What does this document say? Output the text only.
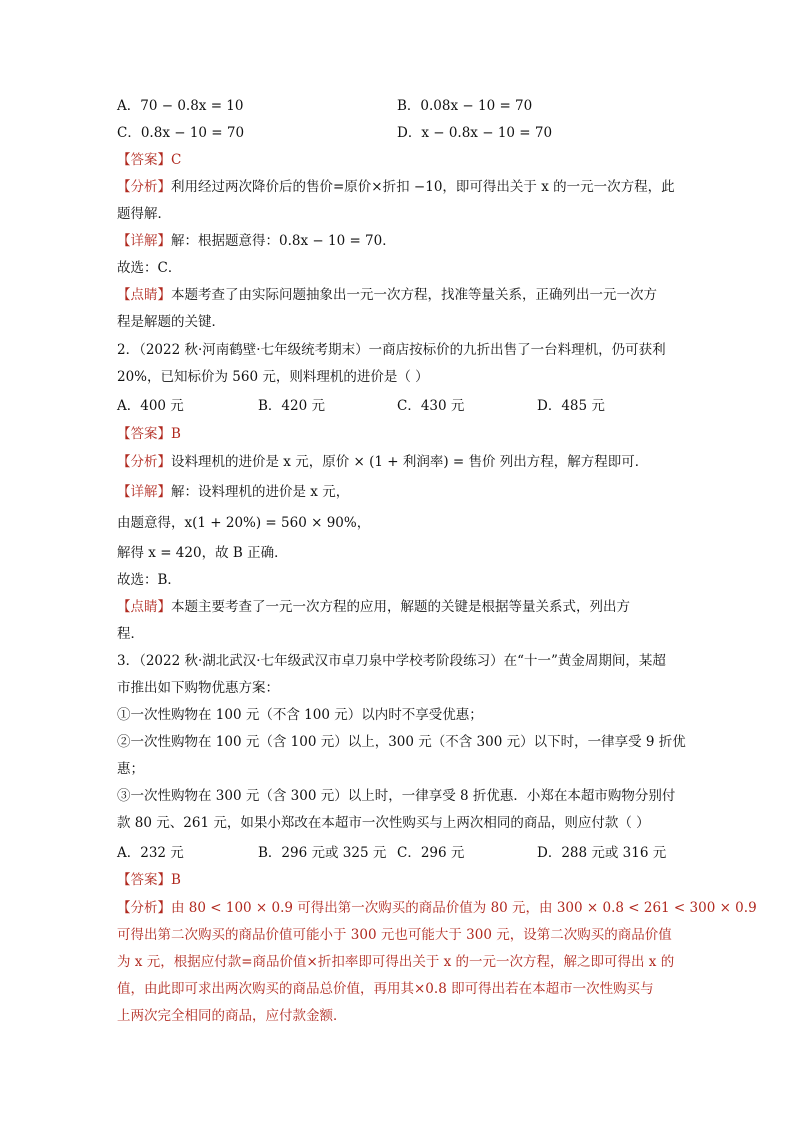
A．70 − 0.8x = 10	B．0.08x − 10 = 70
C．0.8x − 10 = 70	D．x − 0.8x − 10 = 70
【答案】C
【分析】利用经过两次降价后的售价=原价×折扣 −10，即可得出关于 x 的一元一次方程，此
题得解．
【详解】解：根据题意得：0.8x − 10 = 70．
故选：C．
【点睛】本题考查了由实际问题抽象出一元一次方程，找准等量关系，正确列出一元一次方
程是解题的关键．
2．（2022 秋·河南鹤壁·七年级统考期末）一商店按标价的九折出售了一台料理机，仍可获利
20%，已知标价为 560 元，则料理机的进价是（ ）
A．400 元	B．420 元	C．430 元	D．485 元
【答案】B
【分析】设料理机的进价是 x 元，原价 × (1 + 利润率) = 售价 列出方程，解方程即可．
【详解】解：设料理机的进价是 x 元，
由题意得，x(1 + 20%) = 560 × 90%，
解得 x = 420，故 B 正确．
故选：B．
【点睛】本题主要考查了一元一次方程的应用，解题的关键是根据等量关系式，列出方
程．
3．（2022 秋·湖北武汉·七年级武汉市卓刀泉中学校考阶段练习）在“十一”黄金周期间，某超
市推出如下购物优惠方案：
①一次性购物在 100 元（不含 100 元）以内时不享受优惠；
②一次性购物在 100 元（含 100 元）以上，300 元（不含 300 元）以下时，一律享受 9 折优
惠；
③一次性购物在 300 元（含 300 元）以上时，一律享受 8 折优惠．小郑在本超市购物分别付
款 80 元、261 元，如果小郑改在本超市一次性购买与上两次相同的商品，则应付款（ ）
A．232 元	B．296 元或 325 元 C．296 元	D．288 元或 316 元
【答案】B
【分析】由 80 < 100 × 0.9 可得出第一次购买的商品价值为 80 元，由 300 × 0.8 < 261 < 300 × 0.9
可得出第二次购买的商品价值可能小于 300 元也可能大于 300 元，设第二次购买的商品价值
为 x 元，根据应付款=商品价值×折扣率即可得出关于 x 的一元一次方程，解之即可得出 x 的
值，由此即可求出两次购买的商品总价值，再用其×0.8 即可得出若在本超市一次性购买与
上两次完全相同的商品，应付款金额．
